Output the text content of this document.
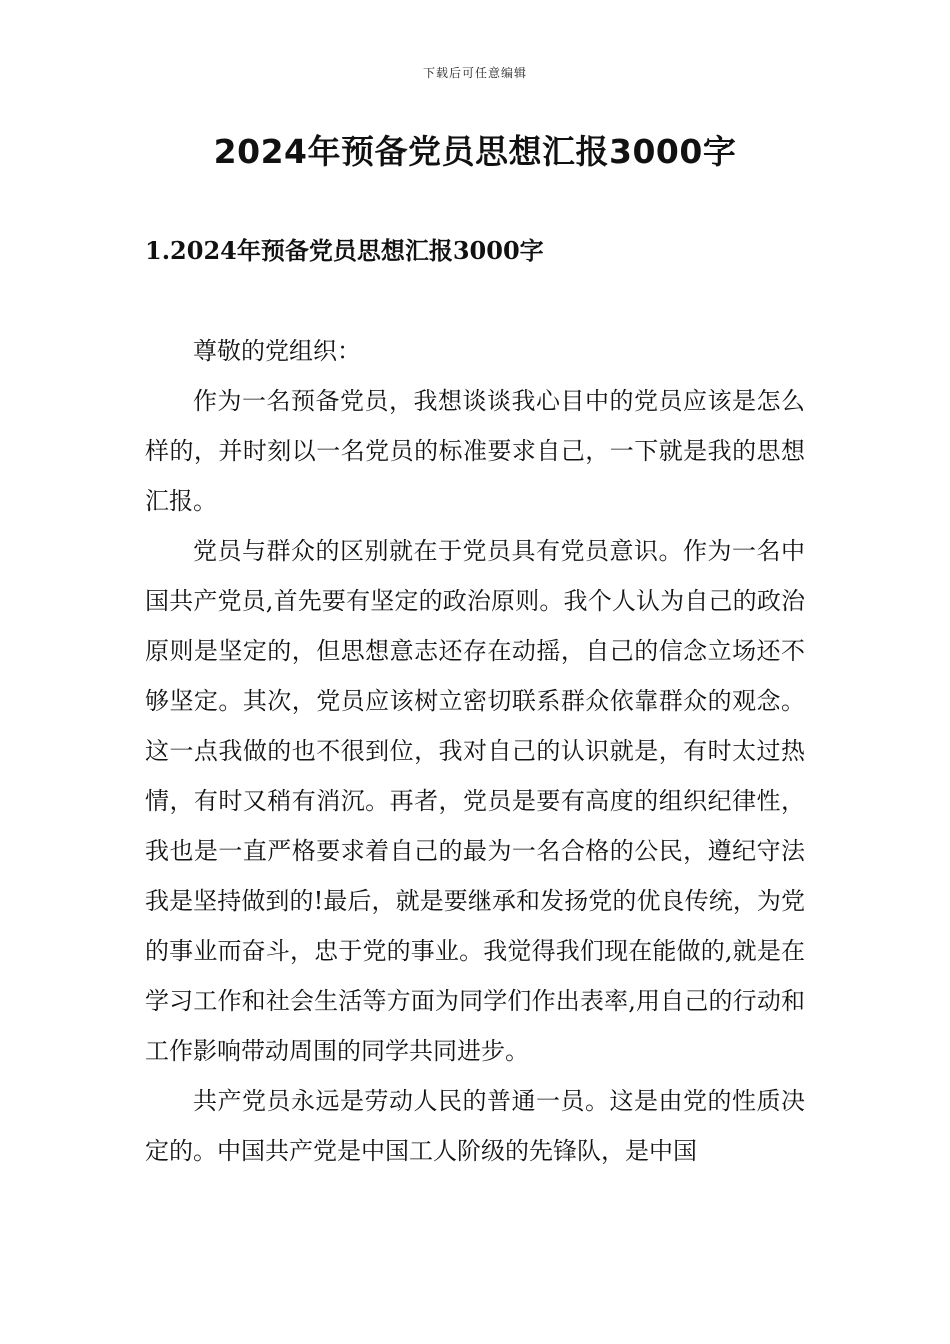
下载后可任意编辑
2024年预备党员思想汇报3000字
1.2024年预备党员思想汇报3000字

尊敬的党组织：

作为一名预备党员，我想谈谈我心目中的党员应该是怎么样的，并时刻以一名党员的标准要求自己，一下就是我的思想汇报。

党员与群众的区别就在于党员具有党员意识。作为一名中国共产党员,首先要有坚定的政治原则。我个人认为自己的政治原则是坚定的，但思想意志还存在动摇，自己的信念立场还不够坚定。其次，党员应该树立密切联系群众依靠群众的观念。这一点我做的也不很到位，我对自己的认识就是，有时太过热情，有时又稍有消沉。再者，党员是要有高度的组织纪律性，我也是一直严格要求着自己的最为一名合格的公民，遵纪守法我是坚持做到的!最后，就是要继承和发扬党的优良传统，为党的事业而奋斗，忠于党的事业。我觉得我们现在能做的,就是在学习工作和社会生活等方面为同学们作出表率,用自己的行动和工作影响带动周围的同学共同进步。

共产党员永远是劳动人民的普通一员。这是由党的性质决定的。中国共产党是中国工人阶级的先锋队，是中国
